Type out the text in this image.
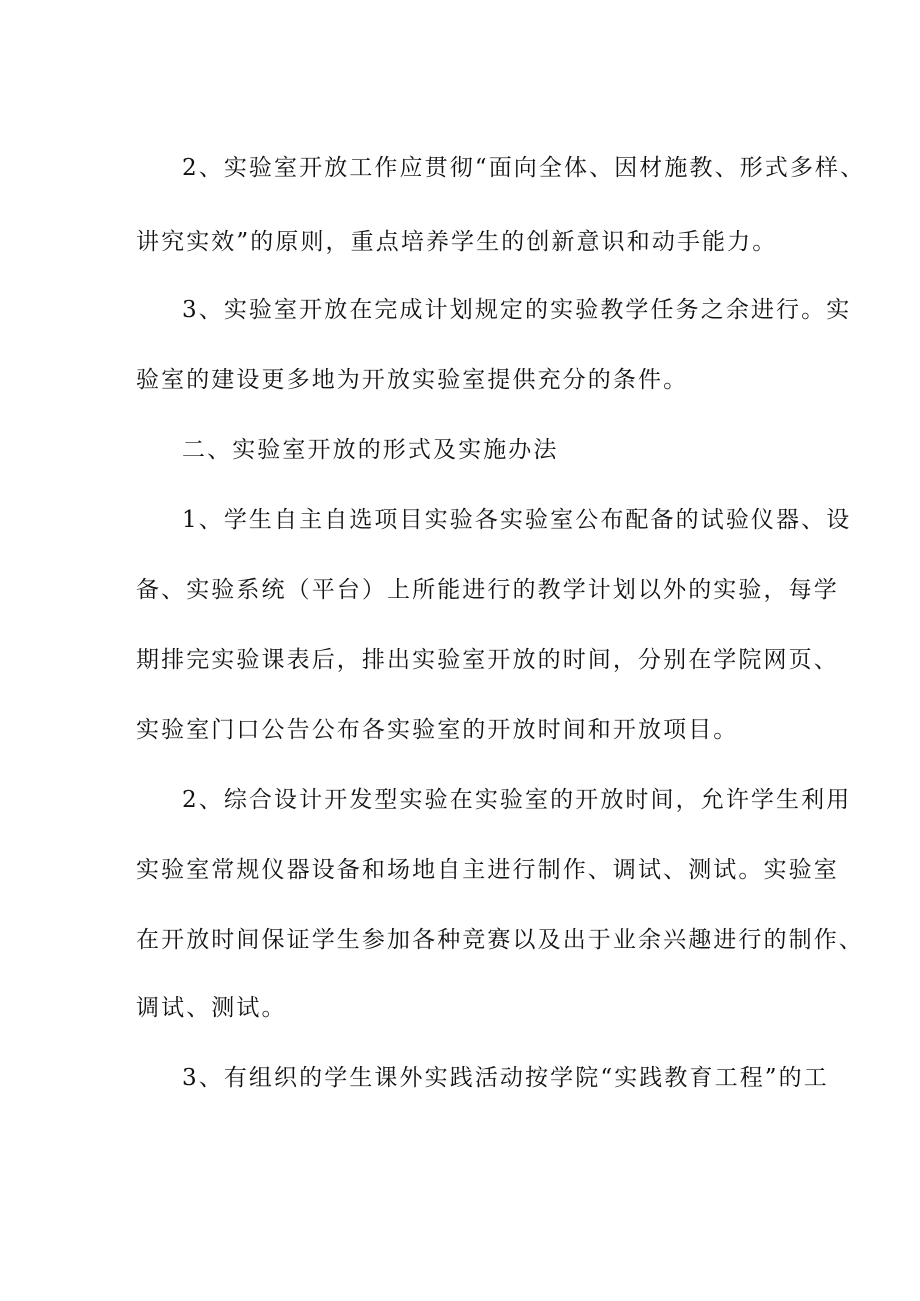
2、实验室开放工作应贯彻“面向全体、因材施教、形式多样、
讲究实效”的原则，重点培养学生的创新意识和动手能力。
3、实验室开放在完成计划规定的实验教学任务之余进行。实
验室的建设更多地为开放实验室提供充分的条件。
二、实验室开放的形式及实施办法
1、学生自主自选项目实验各实验室公布配备的试验仪器、设
备、实验系统（平台）上所能进行的教学计划以外的实验，每学
期排完实验课表后，排出实验室开放的时间，分别在学院网页、
实验室门口公告公布各实验室的开放时间和开放项目。
2、综合设计开发型实验在实验室的开放时间，允许学生利用
实验室常规仪器设备和场地自主进行制作、调试、测试。实验室
在开放时间保证学生参加各种竞赛以及出于业余兴趣进行的制作、
调试、测试。
3、有组织的学生课外实践活动按学院“实践教育工程”的工
